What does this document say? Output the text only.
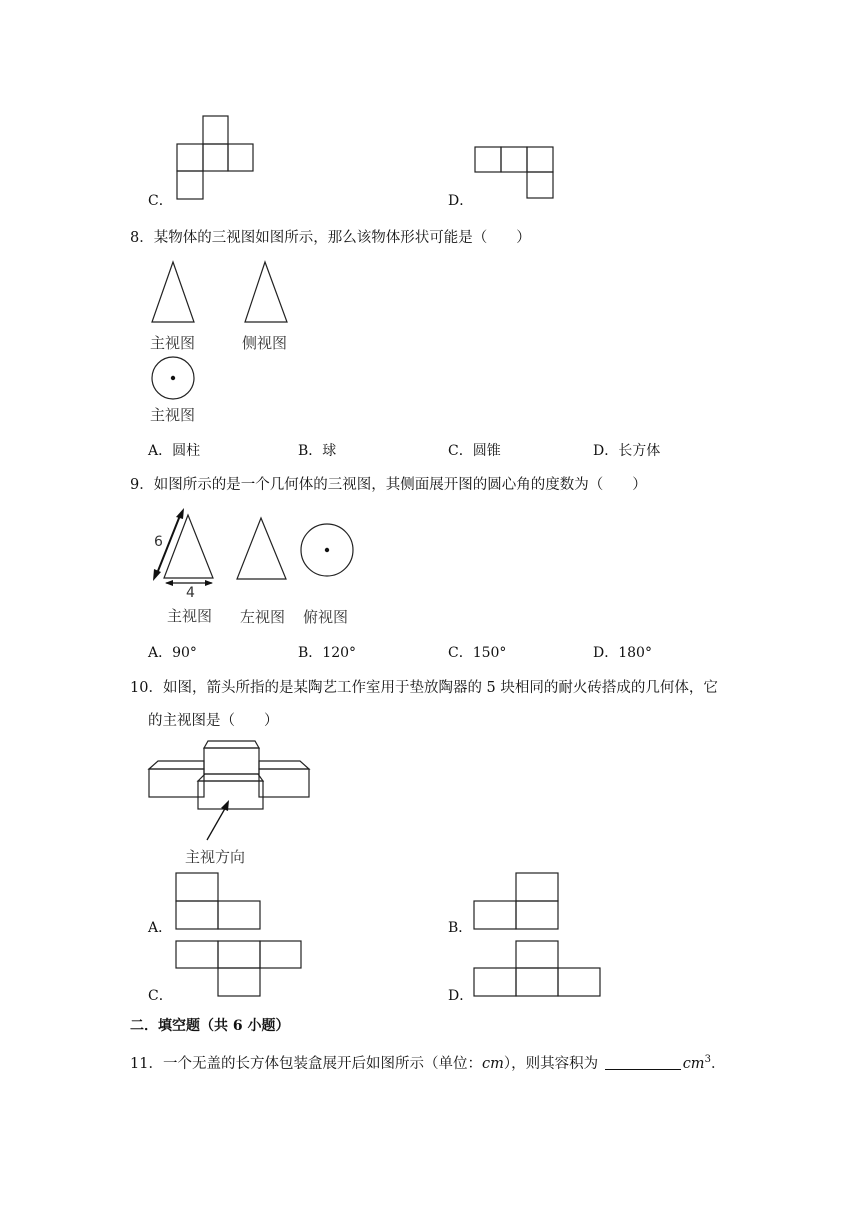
C．	D．
8．某物体的三视图如图所示，那么该物体形状可能是（　　）
主视图	侧视图
主视图
A．圆柱	B．球	C．圆锥	D．长方体
9．如图所示的是一个几何体的三视图，其侧面展开图的圆心角的度数为（　　）
6
4
主视图 左视图 俯视图
A．90°	B．120°	C．150°	D．180°
10．如图，箭头所指的是某陶艺工作室用于垫放陶器的 5 块相同的耐火砖搭成的几何体，它
的主视图是（　　）
主视方向
A．	B．
C．	D．
二．填空题（共 6 小题）
11．一个无盖的长方体包装盒展开后如图所示（单位：cm），则其容积为	$cm^3$．
